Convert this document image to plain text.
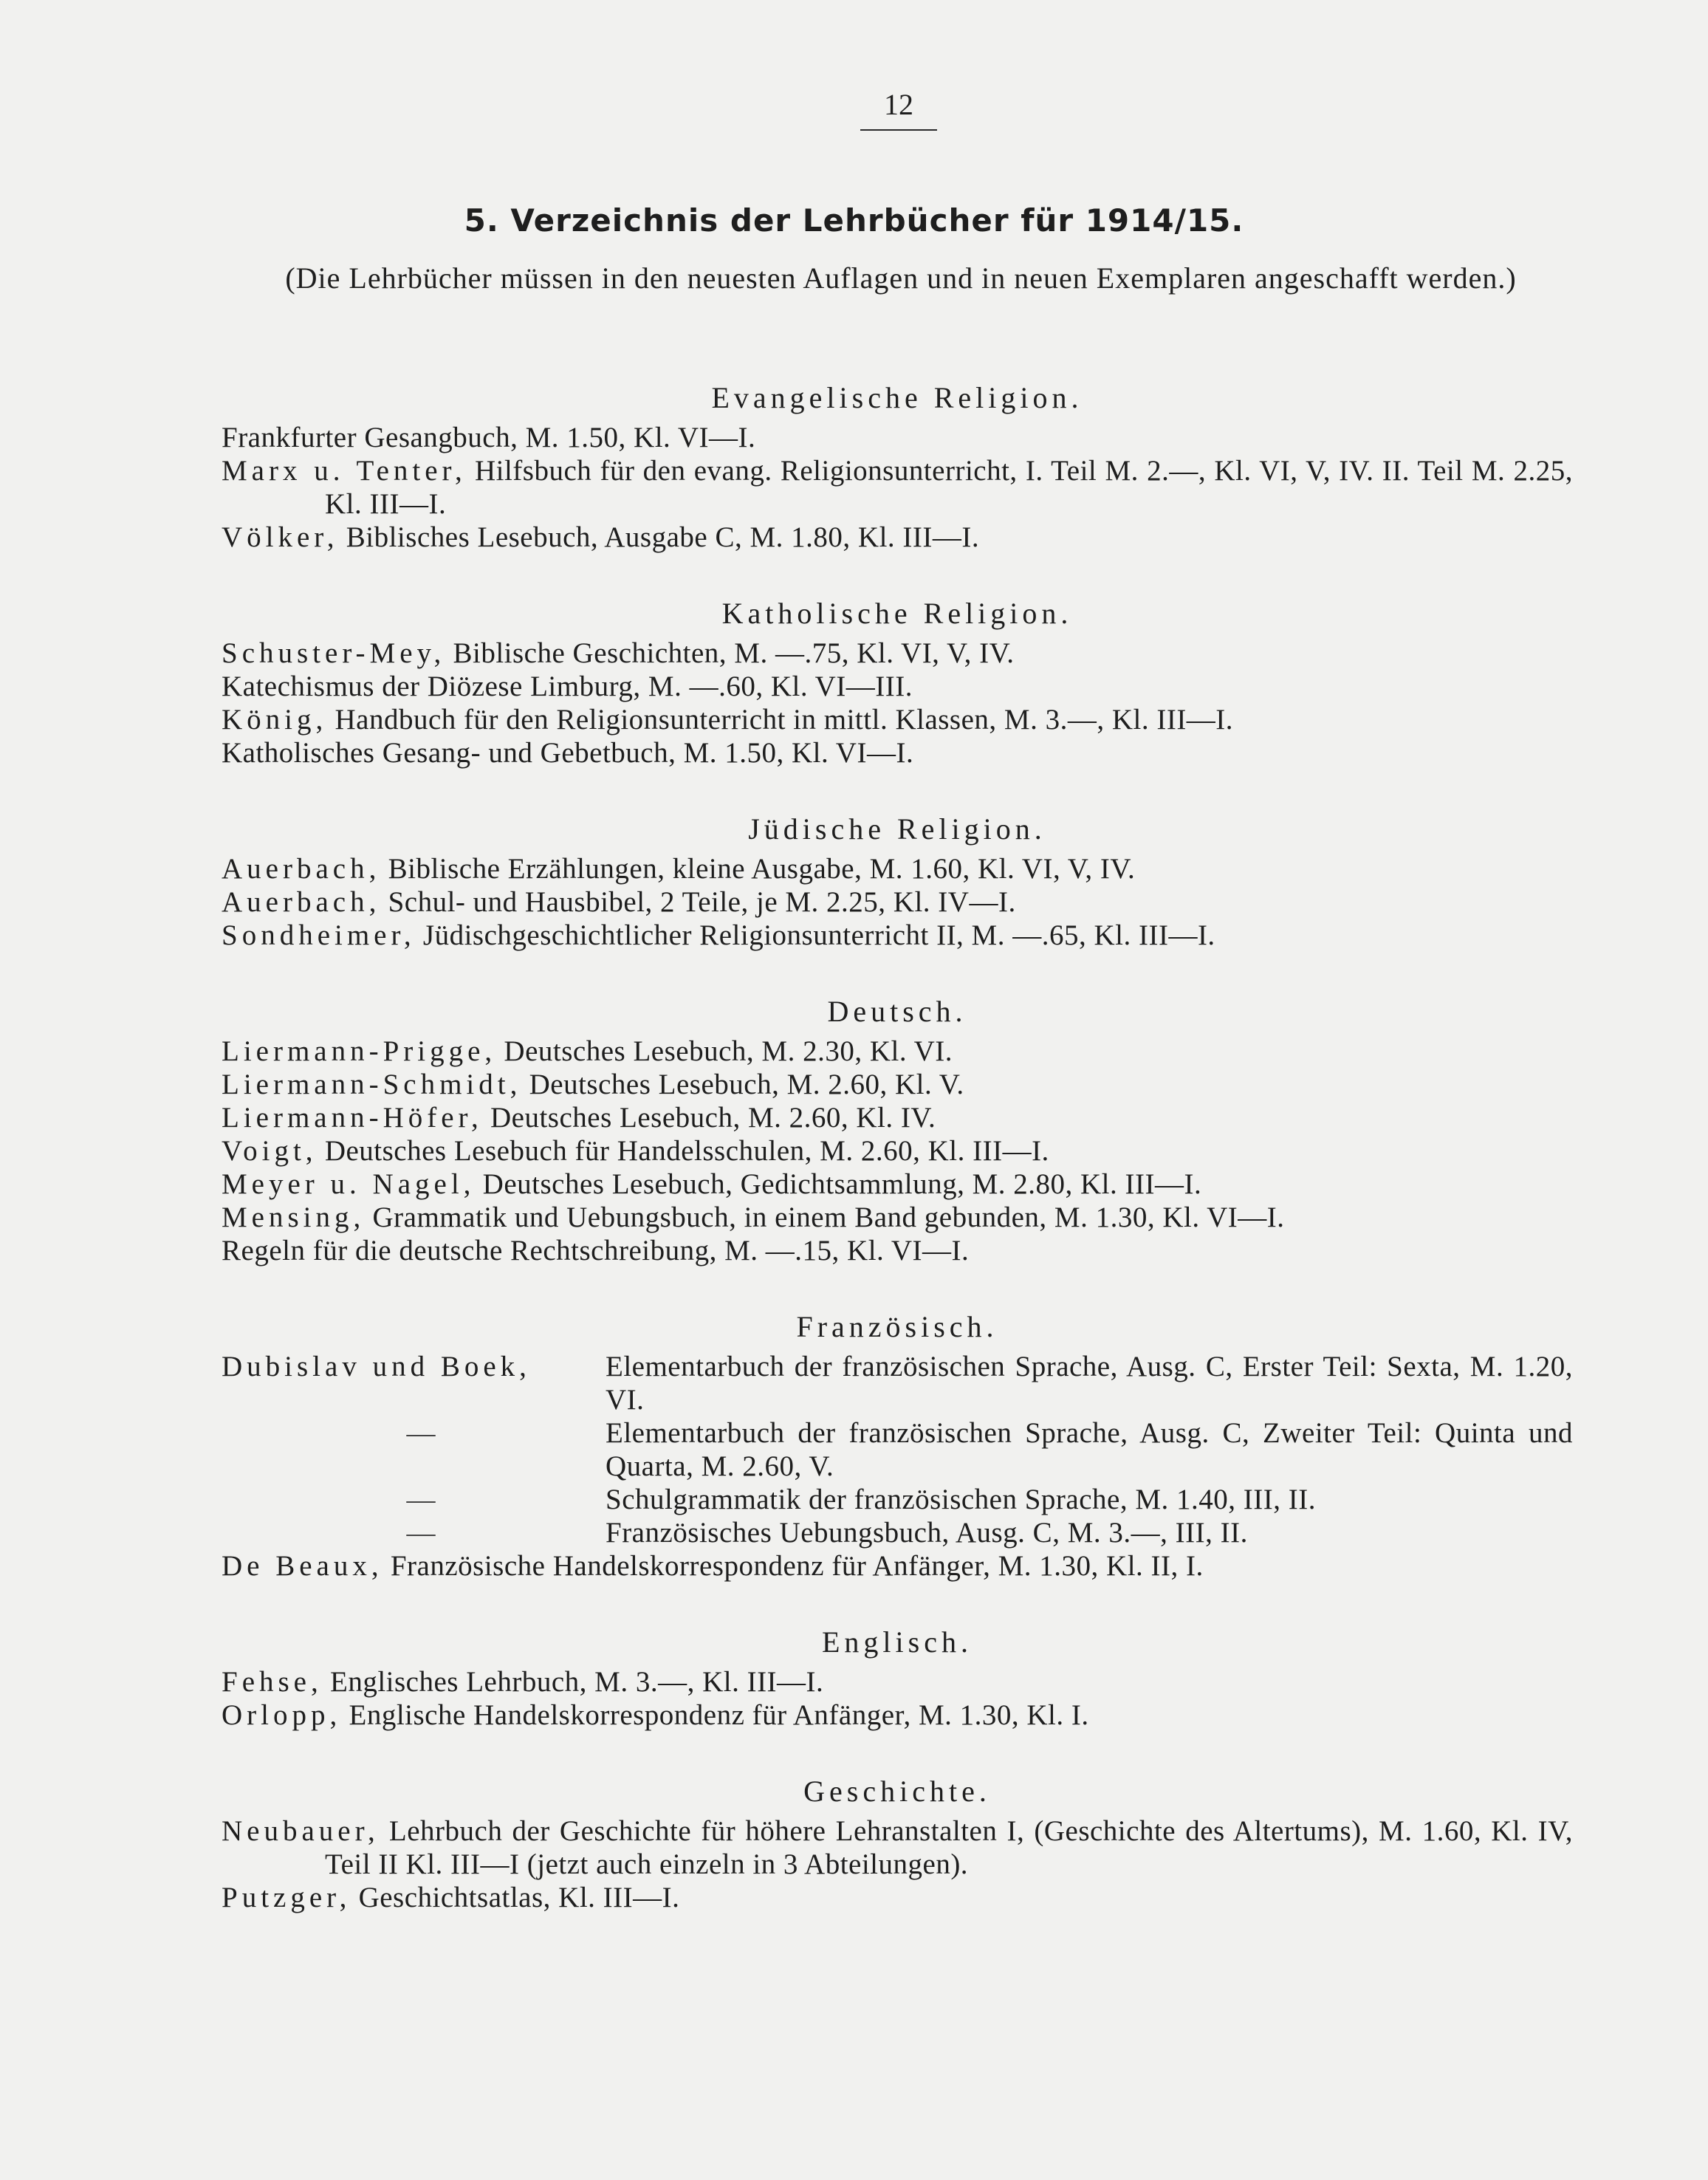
12
5. Verzeichnis der Lehrbücher für 1914/15.
(Die Lehrbücher müssen in den neuesten Auflagen und in neuen Exemplaren angeschafft werden.)
Evangelische Religion.
Frankfurter Gesangbuch, M. 1.50, Kl. VI—I.
Marx u. Tenter, Hilfsbuch für den evang. Religionsunterricht, I. Teil M. 2.—, Kl. VI, V, IV. II. Teil M. 2.25, Kl. III—I.
Völker, Biblisches Lesebuch, Ausgabe C, M. 1.80, Kl. III—I.
Katholische Religion.
Schuster-Mey, Biblische Geschichten, M. —.75, Kl. VI, V, IV.
Katechismus der Diözese Limburg, M. —.60, Kl. VI—III.
König, Handbuch für den Religionsunterricht in mittl. Klassen, M. 3.—, Kl. III—I.
Katholisches Gesang- und Gebetbuch, M. 1.50, Kl. VI—I.
Jüdische Religion.
Auerbach, Biblische Erzählungen, kleine Ausgabe, M. 1.60, Kl. VI, V, IV.
Auerbach, Schul- und Hausbibel, 2 Teile, je M. 2.25, Kl. IV—I.
Sondheimer, Jüdischgeschichtlicher Religionsunterricht II, M. —.65, Kl. III—I.
Deutsch.
Liermann-Prigge, Deutsches Lesebuch, M. 2.30, Kl. VI.
Liermann-Schmidt, Deutsches Lesebuch, M. 2.60, Kl. V.
Liermann-Höfer, Deutsches Lesebuch, M. 2.60, Kl. IV.
Voigt, Deutsches Lesebuch für Handelsschulen, M. 2.60, Kl. III—I.
Meyer u. Nagel, Deutsches Lesebuch, Gedichtsammlung, M. 2.80, Kl. III—I.
Mensing, Grammatik und Uebungsbuch, in einem Band gebunden, M. 1.30, Kl. VI—I.
Regeln für die deutsche Rechtschreibung, M. —.15, Kl. VI—I.
Französisch.
Dubislav und Boek,	Elementarbuch der französischen Sprache, Ausg. C, Erster Teil: Sexta, M. 1.20, VI.
—	Elementarbuch der französischen Sprache, Ausg. C, Zweiter Teil: Quinta und Quarta, M. 2.60, V.
—	Schulgrammatik der französischen Sprache, M. 1.40, III, II.
—	Französisches Uebungsbuch, Ausg. C, M. 3.—, III, II.
De Beaux, Französische Handelskorrespondenz für Anfänger, M. 1.30, Kl. II, I.
Englisch.
Fehse, Englisches Lehrbuch, M. 3.—, Kl. III—I.
Orlopp, Englische Handelskorrespondenz für Anfänger, M. 1.30, Kl. I.
Geschichte.
Neubauer, Lehrbuch der Geschichte für höhere Lehranstalten I, (Geschichte des Altertums), M. 1.60, Kl. IV, Teil II Kl. III—I (jetzt auch einzeln in 3 Abteilungen).
Putzger, Geschichtsatlas, Kl. III—I.
